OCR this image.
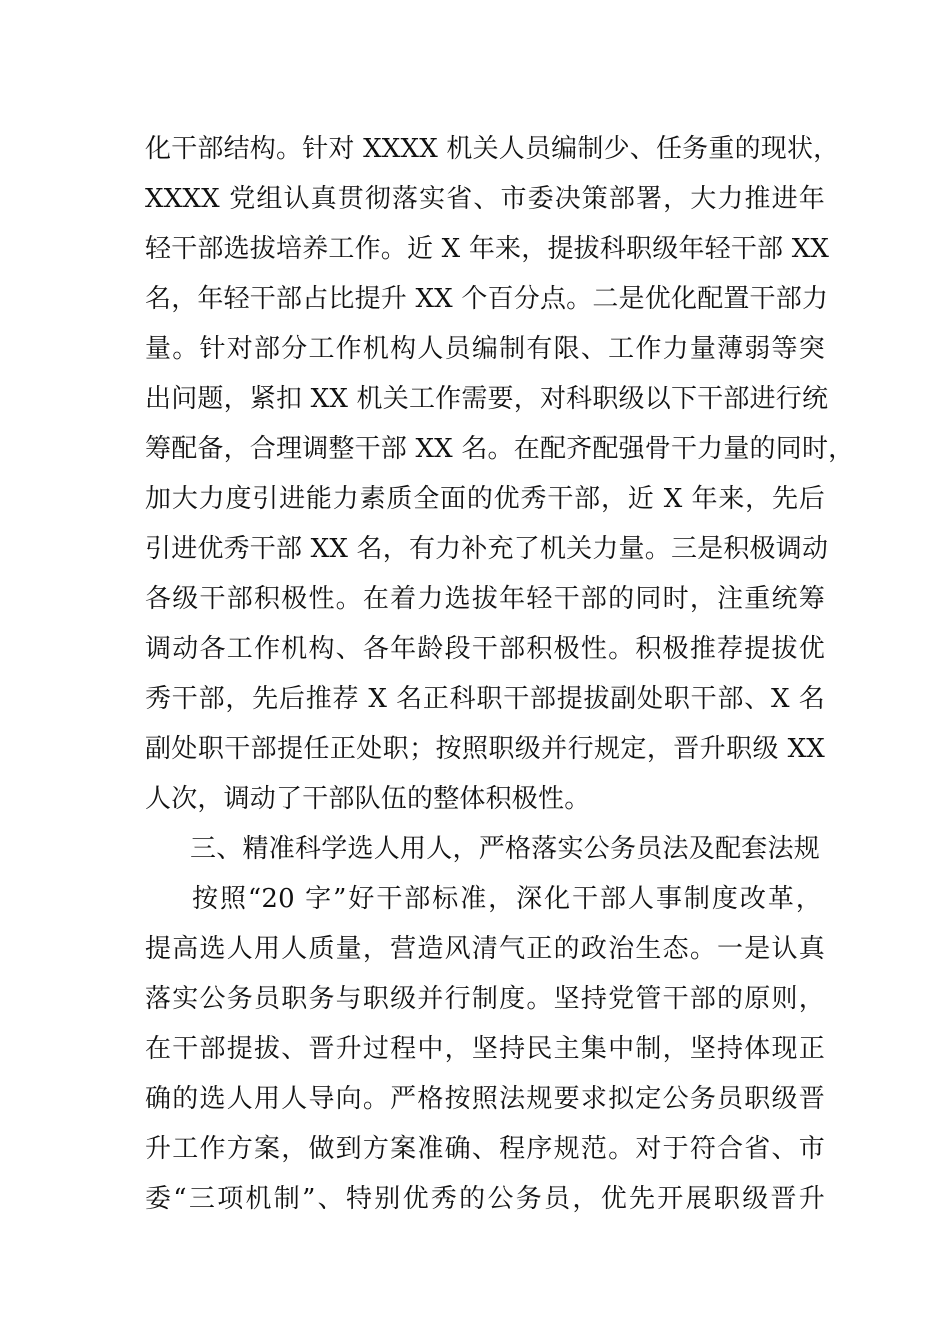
化干部结构。针对 XXXX 机关人员编制少、任务重的现状，
XXXX 党组认真贯彻落实省、市委决策部署，大力推进年
轻干部选拔培养工作。近 X 年来，提拔科职级年轻干部 XX
名，年轻干部占比提升 XX 个百分点。二是优化配置干部力
量。针对部分工作机构人员编制有限、工作力量薄弱等突
出问题，紧扣 XX 机关工作需要，对科职级以下干部进行统
筹配备，合理调整干部 XX 名。在配齐配强骨干力量的同时，
加大力度引进能力素质全面的优秀干部，近 X 年来，先后
引进优秀干部 XX 名，有力补充了机关力量。三是积极调动
各级干部积极性。在着力选拔年轻干部的同时，注重统筹
调动各工作机构、各年龄段干部积极性。积极推荐提拔优
秀干部，先后推荐 X 名正科职干部提拔副处职干部、X 名
副处职干部提任正处职；按照职级并行规定，晋升职级 XX
人次，调动了干部队伍的整体积极性。
三、精准科学选人用人，严格落实公务员法及配套法规
按照“20 字”好干部标准，深化干部人事制度改革，
提高选人用人质量，营造风清气正的政治生态。一是认真
落实公务员职务与职级并行制度。坚持党管干部的原则，
在干部提拔、晋升过程中，坚持民主集中制，坚持体现正
确的选人用人导向。严格按照法规要求拟定公务员职级晋
升工作方案，做到方案准确、程序规范。对于符合省、市
委“三项机制”、特别优秀的公务员，优先开展职级晋升
